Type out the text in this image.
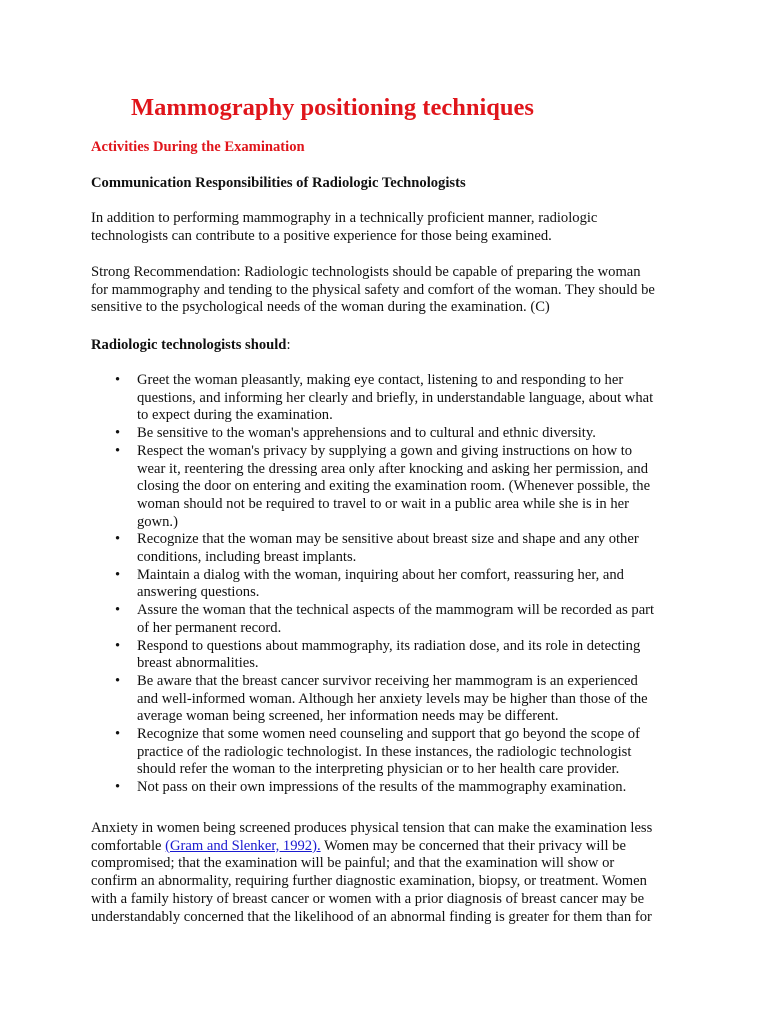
Mammography positioning techniques
Activities During the Examination
Communication Responsibilities of Radiologic Technologists
In addition to performing mammography in a technically proficient manner, radiologic
technologists can contribute to a positive experience for those being examined.
Strong Recommendation: Radiologic technologists should be capable of preparing the woman
for mammography and tending to the physical safety and comfort of the woman. They should be
sensitive to the psychological needs of the woman during the examination. (C)
Radiologic technologists should:
• Greet the woman pleasantly, making eye contact, listening to and responding to her
questions, and informing her clearly and briefly, in understandable language, about what
to expect during the examination.
• Be sensitive to the woman's apprehensions and to cultural and ethnic diversity.
• Respect the woman's privacy by supplying a gown and giving instructions on how to
wear it, reentering the dressing area only after knocking and asking her permission, and
closing the door on entering and exiting the examination room. (Whenever possible, the
woman should not be required to travel to or wait in a public area while she is in her
gown.)
• Recognize that the woman may be sensitive about breast size and shape and any other
conditions, including breast implants.
• Maintain a dialog with the woman, inquiring about her comfort, reassuring her, and
answering questions.
• Assure the woman that the technical aspects of the mammogram will be recorded as part
of her permanent record.
• Respond to questions about mammography, its radiation dose, and its role in detecting
breast abnormalities.
• Be aware that the breast cancer survivor receiving her mammogram is an experienced
and well-informed woman. Although her anxiety levels may be higher than those of the
average woman being screened, her information needs may be different.
• Recognize that some women need counseling and support that go beyond the scope of
practice of the radiologic technologist. In these instances, the radiologic technologist
should refer the woman to the interpreting physician or to her health care provider.
• Not pass on their own impressions of the results of the mammography examination.
Anxiety in women being screened produces physical tension that can make the examination less
comfortable (Gram and Slenker, 1992). Women may be concerned that their privacy will be
compromised; that the examination will be painful; and that the examination will show or
confirm an abnormality, requiring further diagnostic examination, biopsy, or treatment. Women
with a family history of breast cancer or women with a prior diagnosis of breast cancer may be
understandably concerned that the likelihood of an abnormal finding is greater for them than for
